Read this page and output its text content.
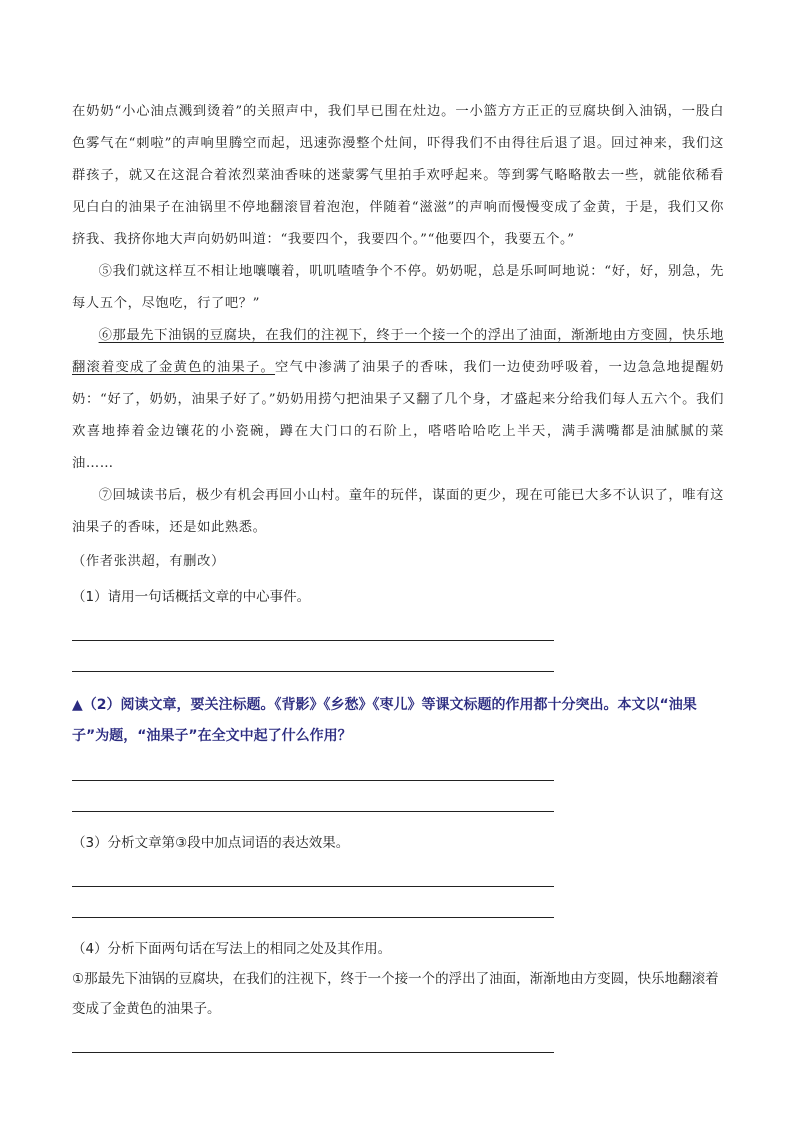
在奶奶“小心油点溅到烫着”的关照声中，我们早已围在灶边。一小篮方方正正的豆腐块倒入油锅，一股白色雾气在“刺啦”的声响里腾空而起，迅速弥漫整个灶间，吓得我们不由得往后退了退。回过神来，我们这群孩子，就又在这混合着浓烈菜油香味的迷蒙雾气里拍手欢呼起来。等到雾气略略散去一些，就能依稀看见白白的油果子在油锅里不停地翻滚冒着泡泡，伴随着“滋滋”的声响而慢慢变成了金黄，于是，我们又你挤我、我挤你地大声向奶奶叫道：“我要四个，我要四个。”“他要四个，我要五个。”

⑤我们就这样互不相让地嚷嚷着，叽叽喳喳争个不停。奶奶呢，总是乐呵呵地说：“好，好，别急，先每人五个，尽饱吃，行了吧？”

⑥那最先下油锅的豆腐块，在我们的注视下，终于一个接一个的浮出了油面，渐渐地由方变圆，快乐地翻滚着变成了金黄色的油果子。空气中渗满了油果子的香味，我们一边使劲呼吸着，一边急急地提醒奶奶：“好了，奶奶，油果子好了。”奶奶用捞勺把油果子又翻了几个身，才盛起来分给我们每人五六个。我们欢喜地捧着金边镶花的小瓷碗，蹲在大门口的石阶上，嗒嗒哈哈吃上半天，满手满嘴都是油腻腻的菜油……

⑦回城读书后，极少有机会再回小山村。童年的玩伴，谋面的更少，现在可能已大多不认识了，唯有这油果子的香味，还是如此熟悉。

（作者张洪超，有删改）

（1）请用一句话概括文章的中心事件。

▲（2）阅读文章，要关注标题。《背影》《乡愁》《枣儿》等课文标题的作用都十分突出。本文以“油果子”为题，“油果子”在全文中起了什么作用？

（3）分析文章第③段中加点词语的表达效果。

（4）分析下面两句话在写法上的相同之处及其作用。

①那最先下油锅的豆腐块，在我们的注视下，终于一个接一个的浮出了油面，渐渐地由方变圆，快乐地翻滚着变成了金黄色的油果子。
